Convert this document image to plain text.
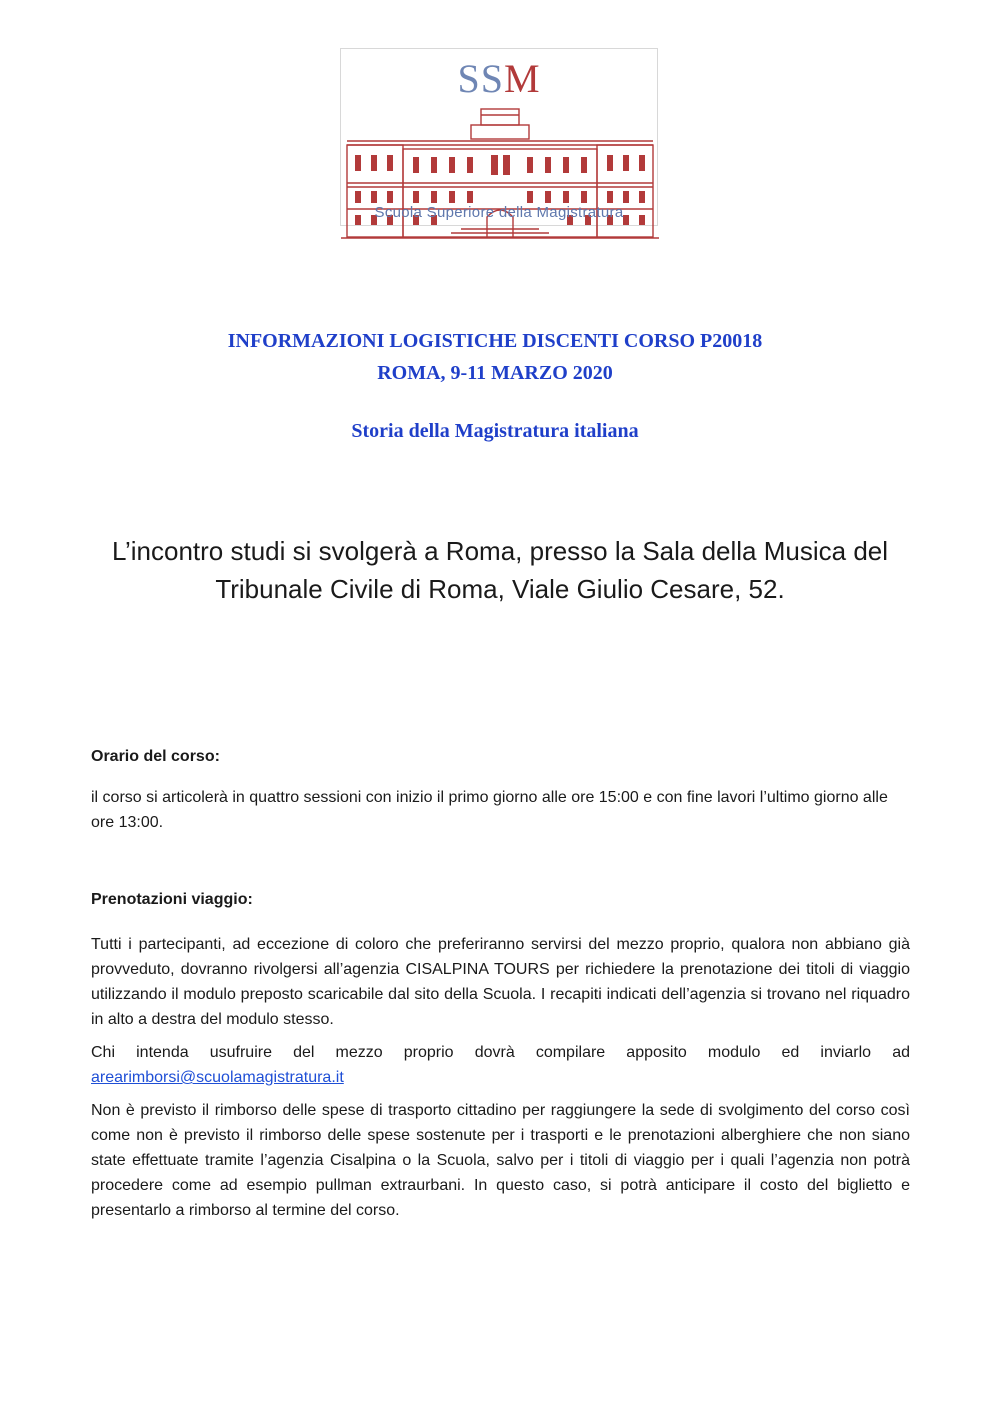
SSM
Scuola Superiore della Magistratura
INFORMAZIONI LOGISTICHE DISCENTI CORSO P20018
ROMA, 9-11 MARZO 2020
Storia della Magistratura italiana
L’incontro studi si svolgerà a Roma, presso la Sala della Musica del Tribunale Civile di Roma, Viale Giulio Cesare, 52.
Orario del corso:

il corso si articolerà in quattro sessioni con inizio il primo giorno alle ore 15:00 e con fine lavori l’ultimo giorno alle ore 13:00.

Prenotazioni viaggio:

Tutti i partecipanti, ad eccezione di coloro che preferiranno servirsi del mezzo proprio, qualora non abbiano già provveduto, dovranno rivolgersi all’agenzia CISALPINA TOURS per richiedere la prenotazione dei titoli di viaggio utilizzando il modulo preposto scaricabile dal sito della Scuola. I recapiti indicati dell’agenzia si trovano nel riquadro in alto a destra del modulo stesso.

Chi intenda usufruire del mezzo proprio dovrà compilare apposito modulo ed inviarlo ad arearimborsi@scuolamagistratura.it

Non è previsto il rimborso delle spese di trasporto cittadino per raggiungere la sede di svolgimento del corso così come non è previsto il rimborso delle spese sostenute per i trasporti e le prenotazioni alberghiere che non siano state effettuate tramite l’agenzia Cisalpina o la Scuola, salvo per i titoli di viaggio per i quali l’agenzia non potrà procedere come ad esempio pullman extraurbani. In questo caso, si potrà anticipare il costo del biglietto e presentarlo a rimborso al termine del corso.
